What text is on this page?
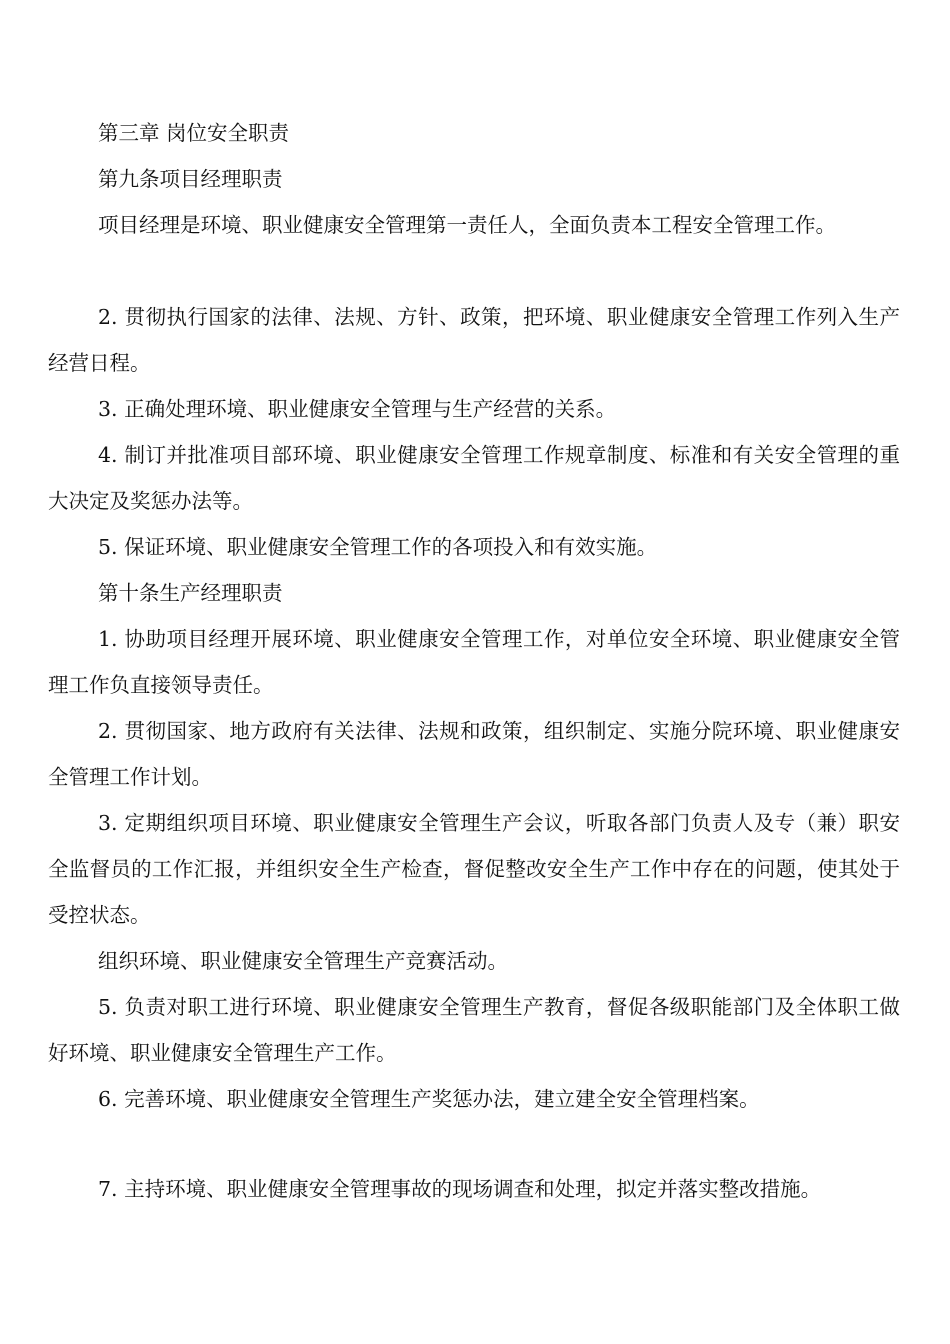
第三章 岗位安全职责

第九条项目经理职责

项目经理是环境、职业健康安全管理第一责任人，全面负责本工程安全管理工作。

2. 贯彻执行国家的法律、法规、方针、政策，把环境、职业健康安全管理工作列入生产经营日程。

3. 正确处理环境、职业健康安全管理与生产经营的关系。

4. 制订并批准项目部环境、职业健康安全管理工作规章制度、标准和有关安全管理的重大决定及奖惩办法等。

5. 保证环境、职业健康安全管理工作的各项投入和有效实施。

第十条生产经理职责

1. 协助项目经理开展环境、职业健康安全管理工作，对单位安全环境、职业健康安全管理工作负直接领导责任。

2. 贯彻国家、地方政府有关法律、法规和政策，组织制定、实施分院环境、职业健康安全管理工作计划。

3. 定期组织项目环境、职业健康安全管理生产会议，听取各部门负责人及专（兼）职安全监督员的工作汇报，并组织安全生产检查，督促整改安全生产工作中存在的问题，使其处于受控状态。

组织环境、职业健康安全管理生产竞赛活动。

5. 负责对职工进行环境、职业健康安全管理生产教育，督促各级职能部门及全体职工做好环境、职业健康安全管理生产工作。

6. 完善环境、职业健康安全管理生产奖惩办法，建立建全安全管理档案。

7. 主持环境、职业健康安全管理事故的现场调查和处理，拟定并落实整改措施。
